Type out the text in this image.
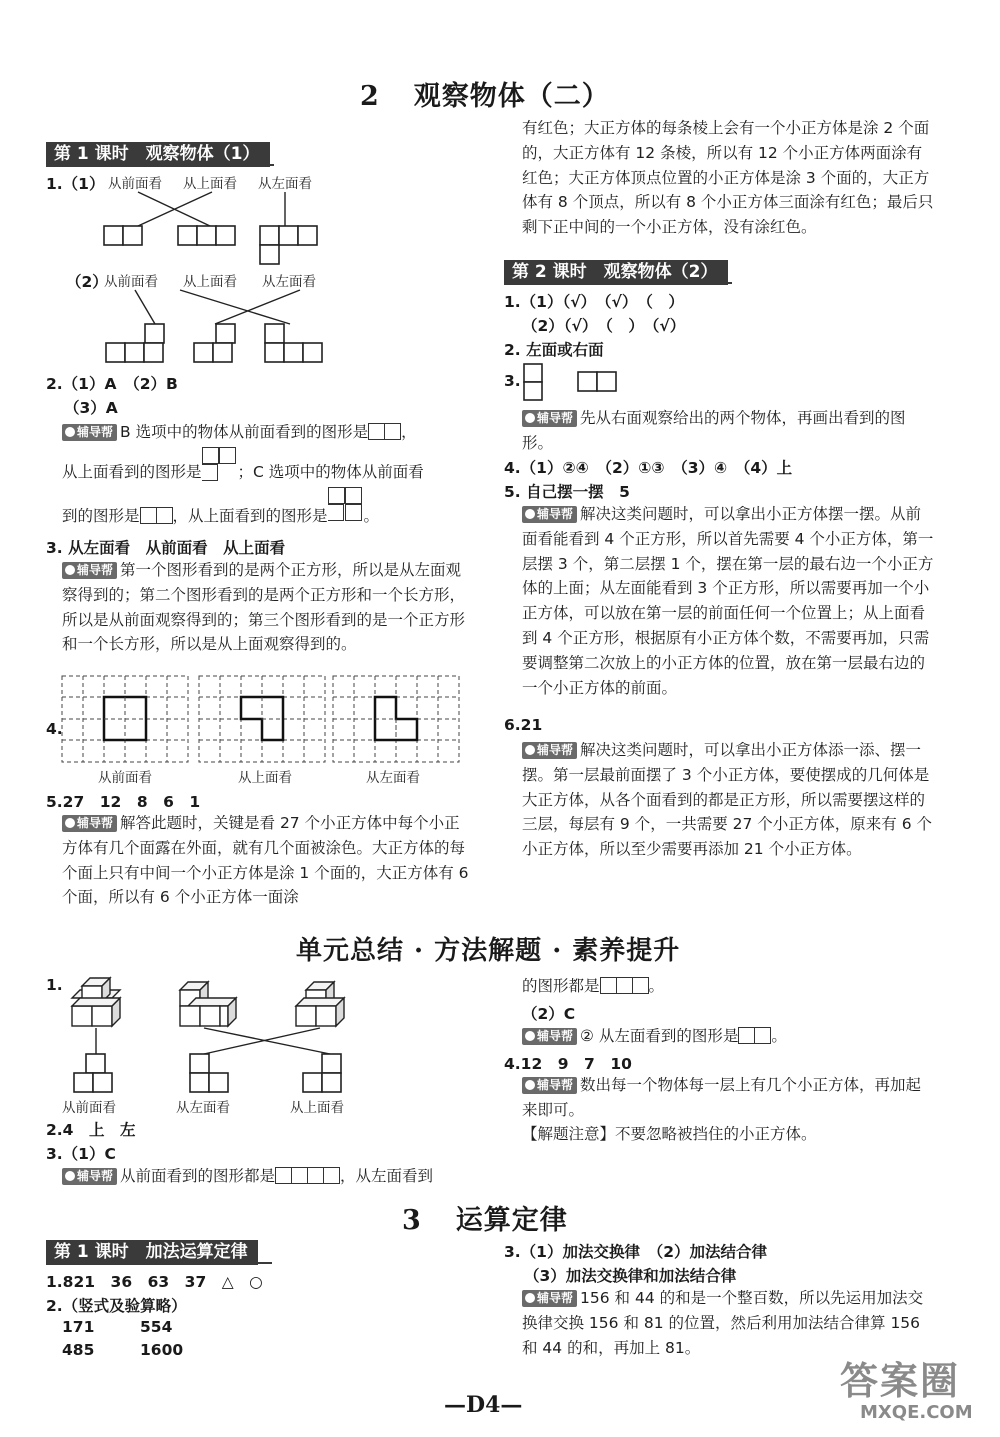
2 观察物体（二）
第 1 课时　观察物体（1）
1.（1） 从前面看 从上面看 从左面看
（2）
从前面看 从上面看 从左面看
2.（1）A　（2）B
（3）A

辅导帮 B 选项中的物体从前面看到的图形是 ，

从上面看到的图形是 ；C 选项中的物体从前面看

到的图形是 ，从上面看到的图形是 。

3. 从左面看　从前面看　从上面看
辅导帮 第一个图形看到的是两个正方形，所以是从左面观察得到的；第二个图形看到的是两个正方形和一个长方形，所以是从前面观察得到的；第三个图形看到的是一个正方形和一个长方形，所以是从上面观察得到的。
4.
从前面看	从上面看	从左面看
5.27　12　8　6　1
辅导帮 解答此题时，关键是看 27 个小正方体中每个小正方体有几个面露在外面，就有几个面被涂色。大正方体的每个面上只有中间一个小正方体是涂 1 个面的，大正方体有 6 个面，所以有 6 个小正方体一面涂
有红色；大正方体的每条棱上会有一个小正方体是涂 2 个面的，大正方体有 12 条棱，所以有 12 个小正方体两面涂有红色；大正方体顶点位置的小正方体是涂 3 个面的，大正方体有 8 个顶点，所以有 8 个小正方体三面涂有红色；最后只剩下正中间的一个小正方体，没有涂红色。
第 2 课时　观察物体（2）
1.（1）（√）　（√）　（　）
（2）（√）　（　）　（√）
2. 左面或右面
3.
辅导帮 先从右面观察给出的两个物体，再画出看到的图形。
4.（1）②④　（2）①③　（3）④　（4）上
5. 自己摆一摆　5
辅导帮 解决这类问题时，可以拿出小正方体摆一摆。从前面看能看到 4 个正方形，所以首先需要 4 个小正方体，第一层摆 3 个，第二层摆 1 个，摆在第一层的最右边一个小正方体的上面；从左面能看到 3 个正方形，所以需要再加一个小正方体，可以放在第一层的前面任何一个位置上；从上面看到 4 个正方形，根据原有小正方体个数，不需要再加，只需要调整第二次放上的小正方体的位置，放在第一层最右边的一个小正方体的前面。
6.21
辅导帮 解决这类问题时，可以拿出小正方体添一添、摆一摆。第一层最前面摆了 3 个小正方体，要使摆成的几何体是大正方体，从各个面看到的都是正方形，所以需要摆这样的三层，每层有 9 个，一共需要 27 个小正方体，原来有 6 个小正方体，所以至少需要再添加 21 个小正方体。
单元总结 · 方法解题 · 素养提升
1.
从前面看	从左面看	从上面看
2.4　上　左
3.（1）C
辅导帮 从前面看到的图形都是	，从左面看到
的图形都是	。
（2）C
辅导帮 ② 从左面看到的图形是 。
4.12　9　7　10
辅导帮 数出每一个物体每一层上有几个小正方体，再加起来即可。
【解题注意】不要忽略被挡住的小正方体。
3 运算定律
第 1 课时　加法运算定律
1.821　36　63　37　△　○
2.（竖式及验算略）
171	554
485	1600
3.（1）加法交换律　（2）加法结合律
（3）加法交换律和加法结合律
辅导帮 156 和 44 的和是一个整百数，所以先运用加法交换律交换 156 和 81 的位置，然后利用加法结合律算 156 和 44 的和，再加上 81。
—D4—
答案圈
MXQE.COM
